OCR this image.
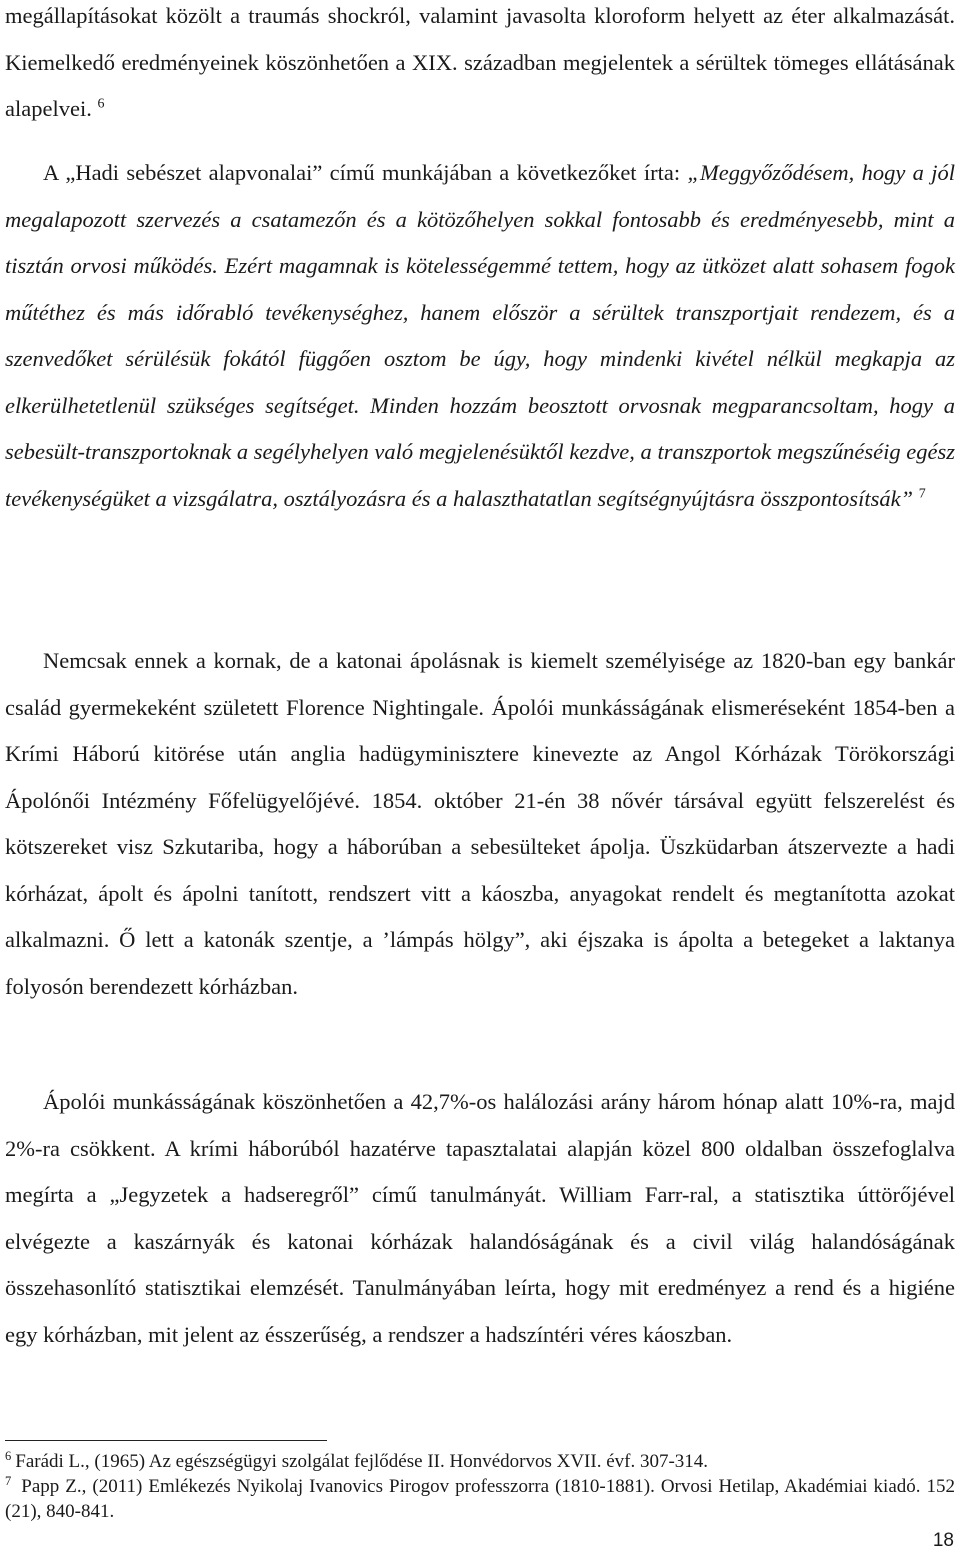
megállapításokat közölt a traumás shockról, valamint javasolta kloroform helyett az éter alkalmazását. Kiemelkedő eredményeinek köszönhetően a XIX. században megjelentek a sérültek tömeges ellátásának alapelvei. $^6$

A „Hadi sebészet alapvonalai” című munkájában a következőket írta: „Meggyőződésem, hogy a jól megalapozott szervezés a csatamezőn és a kötözőhelyen sokkal fontosabb és eredményesebb, mint a tisztán orvosi működés. Ezért magamnak is kötelességemmé tettem, hogy az ütközet alatt sohasem fogok műtéthez és más időrabló tevékenységhez, hanem először a sérültek transzportjait rendezem, és a szenvedőket sérülésük fokától függően osztom be úgy, hogy mindenki kivétel nélkül megkapja az elkerülhetetlenül szükséges segítséget. Minden hozzám beosztott orvosnak megparancsoltam, hogy a sebesült-transzportoknak a segélyhelyen való megjelenésüktől kezdve, a transzportok megszűnéséig egész tevékenységüket a vizsgálatra, osztályozásra és a halaszthatatlan segítségnyújtásra összpontosítsák” $^7$

Nemcsak ennek a kornak, de a katonai ápolásnak is kiemelt személyisége az 1820-ban egy bankár család gyermekeként született Florence Nightingale. Ápolói munkásságának elismeréseként 1854-ben a Krími Háború kitörése után anglia hadügyminisztere kinevezte az Angol Kórházak Törökországi Ápolónői Intézmény Főfelügyelőjévé. 1854. október 21-én 38 nővér társával együtt felszerelést és kötszereket visz Szkutariba, hogy a háborúban a sebesülteket ápolja. Üszküdarban átszervezte a hadi kórházat, ápolt és ápolni tanított, rendszert vitt a káoszba, anyagokat rendelt és megtanította azokat alkalmazni. Ő lett a katonák szentje, a ’lámpás hölgy”, aki éjszaka is ápolta a betegeket a laktanya folyosón berendezett kórházban.

Ápolói munkásságának köszönhetően a 42,7%-os halálozási arány három hónap alatt 10%-ra, majd 2%-ra csökkent. A krími háborúból hazatérve tapasztalatai alapján közel 800 oldalban összefoglalva megírta a „Jegyzetek a hadseregről” című tanulmányát. William Farr-ral, a statisztika úttörőjével elvégezte a kaszárnyák és katonai kórházak halandóságának és a civil világ halandóságának összehasonlító statisztikai elemzését. Tanulmányában leírta, hogy mit eredményez a rend és a higiéne egy kórházban, mit jelent az ésszerűség, a rendszer a hadszíntéri véres káoszban.

$^6$ Farádi L., (1965) Az egészségügyi szolgálat fejlődése II. Honvédorvos XVII. évf. 307-314.

$^7$ Papp Z., (2011) Emlékezés Nyikolaj Ivanovics Pirogov professzorra (1810-1881). Orvosi Hetilap, Akadémiai kiadó. 152 (21), 840-841.

18
